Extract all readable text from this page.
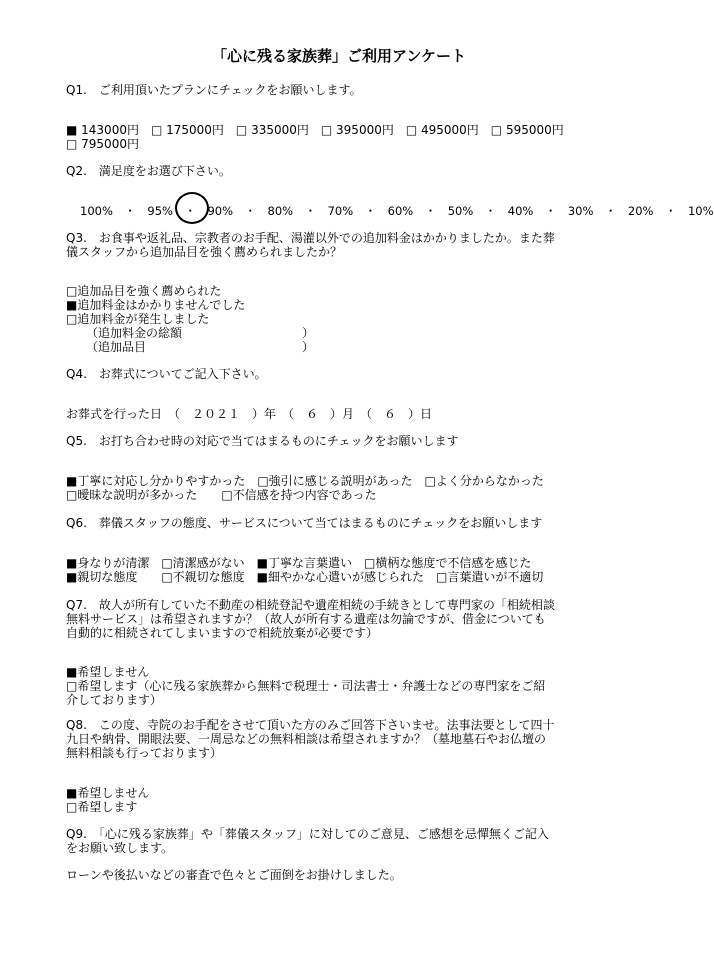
「心に残る家族葬」ご利用アンケート
Q1.　ご利用頂いたプランにチェックをお願いします。
■ 143000円　□ 175000円　□ 335000円　□ 395000円　□ 495000円　□ 595000円
□ 795000円
Q2.　満足度をお選び下さい。
100%　・　95%　・　90%　・　80%　・　70%　・　60%　・　50%　・　40%　・　30%　・　20%　・　10%
Q3.　お食事や返礼品、宗教者のお手配、湯灌以外での追加料金はかかりましたか。また葬
儀スタッフから追加品目を強く薦められましたか？
□追加品目を強く薦められた
■追加料金はかかりませんでした
□追加料金が発生しました
（追加料金の総額　　　　　　　　　　）
（追加品目　　　　　　　　　　　　　）
Q4.　お葬式についてご記入下さい。
お葬式を行った日　（　２０２１　）年　（　６　）月　（　６　）日
Q5.　お打ち合わせ時の対応で当てはまるものにチェックをお願いします
■丁寧に対応し分かりやすかった　□強引に感じる説明があった　□よく分からなかった
□曖昧な説明が多かった　　□不信感を持つ内容であった
Q6.　葬儀スタッフの態度、サービスについて当てはまるものにチェックをお願いします
■身なりが清潔　□清潔感がない　■丁寧な言葉遣い　□横柄な態度で不信感を感じた
■親切な態度　　□不親切な態度　■細やかな心遣いが感じられた　□言葉遣いが不適切
Q7.　故人が所有していた不動産の相続登記や遺産相続の手続きとして専門家の「相続相談
無料サービス」は希望されますか？（故人が所有する遺産は勿論ですが、借金についても
自動的に相続されてしまいますので相続放棄が必要です）
■希望しません
□希望します（心に残る家族葬から無料で税理士・司法書士・弁護士などの専門家をご紹
介しております）
Q8.　この度、寺院のお手配をさせて頂いた方のみご回答下さいませ。法事法要として四十
九日や納骨、開眼法要、一周忌などの無料相談は希望されますか？（墓地墓石やお仏壇の
無料相談も行っております）
■希望しません
□希望します
Q9.　「心に残る家族葬」や「葬儀スタッフ」に対してのご意見、ご感想を忌憚無くご記入
をお願い致します。
ローンや後払いなどの審査で色々とご面倒をお掛けしました。
